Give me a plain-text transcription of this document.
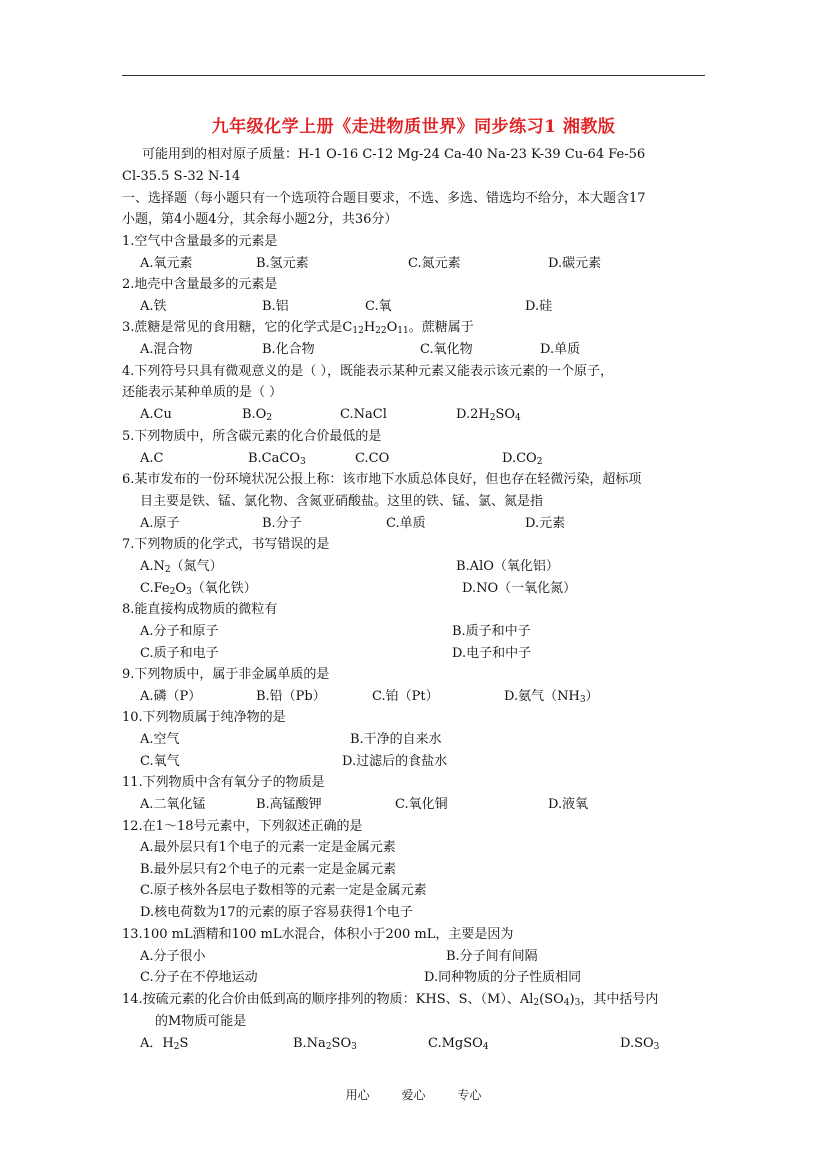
九年级化学上册《走进物质世界》同步练习1 湘教版
可能用到的相对原子质量：H-1 O-16 C-12 Mg-24 Ca-40 Na-23 K-39 Cu-64 Fe-56
Cl-35.5 S-32 N-14
一、选择题（每小题只有一个选项符合题目要求，不选、多选、错选均不给分，本大题含17
小题，第4小题4分，其余每小题2分，共36分）
1.空气中含量最多的元素是
A.氧元素	B.氢元素	C.氮元素	D.碳元素
2.地壳中含量最多的元素是
A.铁	B.铝	C.氧	D.硅
3.蔗糖是常见的食用糖，它的化学式是$C_{12}H_{22}O_{11}$。蔗糖属于
A.混合物	B.化合物	C.氧化物	D.单质
4.下列符号只具有微观意义的是（ ），既能表示某种元素又能表示该元素的一个原子，
还能表示某种单质的是（ ）
A.Cu	$B.O_2$	C.NaCl	$D.2H_2SO_4$
5.下列物质中，所含碳元素的化合价最低的是
A.C	B.CaCO$_3$	C.CO	$D.CO_2$
6.某市发布的一份环境状况公报上称：该市地下水质总体良好，但也存在轻微污染，超标项
目主要是铁、锰、氯化物、含氮亚硝酸盐。这里的铁、锰、氯、氮是指
A.原子	B.分子	C.单质	D.元素
7.下列物质的化学式，书写错误的是
$A.N_2$（氮气）	B.AlO（氧化铝）
$C.Fe_2O_3$（氧化铁）	D.NO（一氧化氮）
8.能直接构成物质的微粒有
A.分子和原子	B.质子和中子
C.质子和电子	D.电子和中子
9.下列物质中，属于非金属单质的是
A.磷（P）	B.铅（Pb）	C.铂（Pt）	D.氨气$(NH_3)$
10.下列物质属于纯净物的是
A.空气	B.干净的自来水
C.氧气	D.过滤后的食盐水
11.下列物质中含有氧分子的物质是
A.二氧化锰	B.高锰酸钾	C.氧化铜	D.液氧
12.在1～18号元素中，下列叙述正确的是
A.最外层只有1个电子的元素一定是金属元素
B.最外层只有2个电子的元素一定是金属元素
C.原子核外各层电子数相等的元素一定是金属元素
D.核电荷数为17的元素的原子容易获得1个电子
13.100 mL酒精和100 mL水混合，体积小于200 mL，主要是因为
A.分子很小	B.分子间有间隔
C.分子在不停地运动	D.同种物质的分子性质相同
14.按硫元素的化合价由低到高的顺序排列的物质：KHS、S、（M）、$Al_2(SO_4)_3$，其中括号内
的M物质可能是
A．$H_2S$	$B.Na_2SO_3$	C.MgSO$_4$	$D.SO_3$
用心	爱心	专心
